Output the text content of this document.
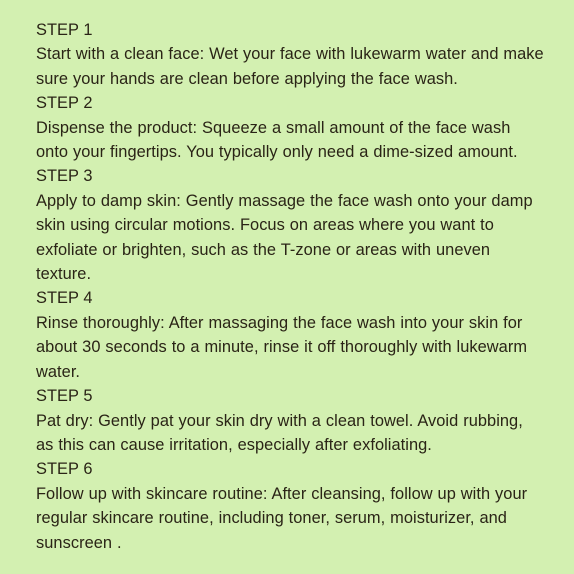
STEP 1
Start with a clean face: Wet your face with lukewarm water and make sure your hands are clean before applying the face wash.
STEP 2
Dispense the product: Squeeze a small amount of the face wash onto your fingertips. You typically only need a dime-sized amount.
STEP 3
Apply to damp skin: Gently massage the face wash onto your damp skin using circular motions. Focus on areas where you want to exfoliate or brighten, such as the T-zone or areas with uneven texture.
STEP 4
Rinse thoroughly: After massaging the face wash into your skin for about 30 seconds to a minute, rinse it off thoroughly with lukewarm water.
STEP 5
Pat dry: Gently pat your skin dry with a clean towel. Avoid rubbing, as this can cause irritation, especially after exfoliating.
STEP 6
Follow up with skincare routine: After cleansing, follow up with your regular skincare routine, including toner, serum, moisturizer, and sunscreen .
